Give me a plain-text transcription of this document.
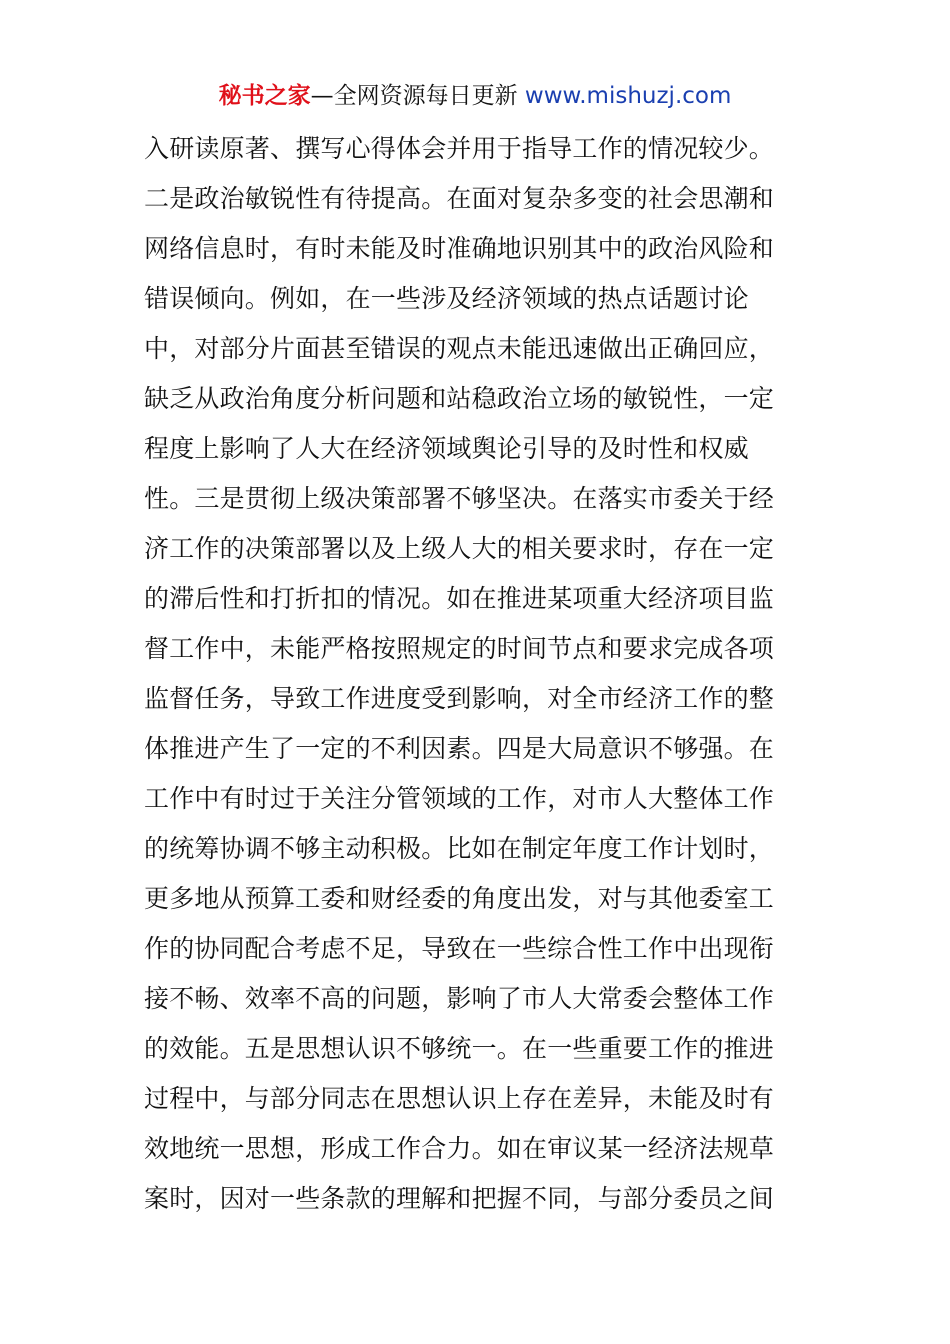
秘书之家—全网资源每日更新 www.mishuzj.com
入研读原著、撰写心得体会并用于指导工作的情况较少。
二是政治敏锐性有待提高。在面对复杂多变的社会思潮和
网络信息时，有时未能及时准确地识别其中的政治风险和
错误倾向。例如，在一些涉及经济领域的热点话题讨论
中，对部分片面甚至错误的观点未能迅速做出正确回应，
缺乏从政治角度分析问题和站稳政治立场的敏锐性，一定
程度上影响了人大在经济领域舆论引导的及时性和权威
性。三是贯彻上级决策部署不够坚决。在落实市委关于经
济工作的决策部署以及上级人大的相关要求时，存在一定
的滞后性和打折扣的情况。如在推进某项重大经济项目监
督工作中，未能严格按照规定的时间节点和要求完成各项
监督任务，导致工作进度受到影响，对全市经济工作的整
体推进产生了一定的不利因素。四是大局意识不够强。在
工作中有时过于关注分管领域的工作，对市人大整体工作
的统筹协调不够主动积极。比如在制定年度工作计划时，
更多地从预算工委和财经委的角度出发，对与其他委室工
作的协同配合考虑不足，导致在一些综合性工作中出现衔
接不畅、效率不高的问题，影响了市人大常委会整体工作
的效能。五是思想认识不够统一。在一些重要工作的推进
过程中，与部分同志在思想认识上存在差异，未能及时有
效地统一思想，形成工作合力。如在审议某一经济法规草
案时，因对一些条款的理解和把握不同，与部分委员之间
